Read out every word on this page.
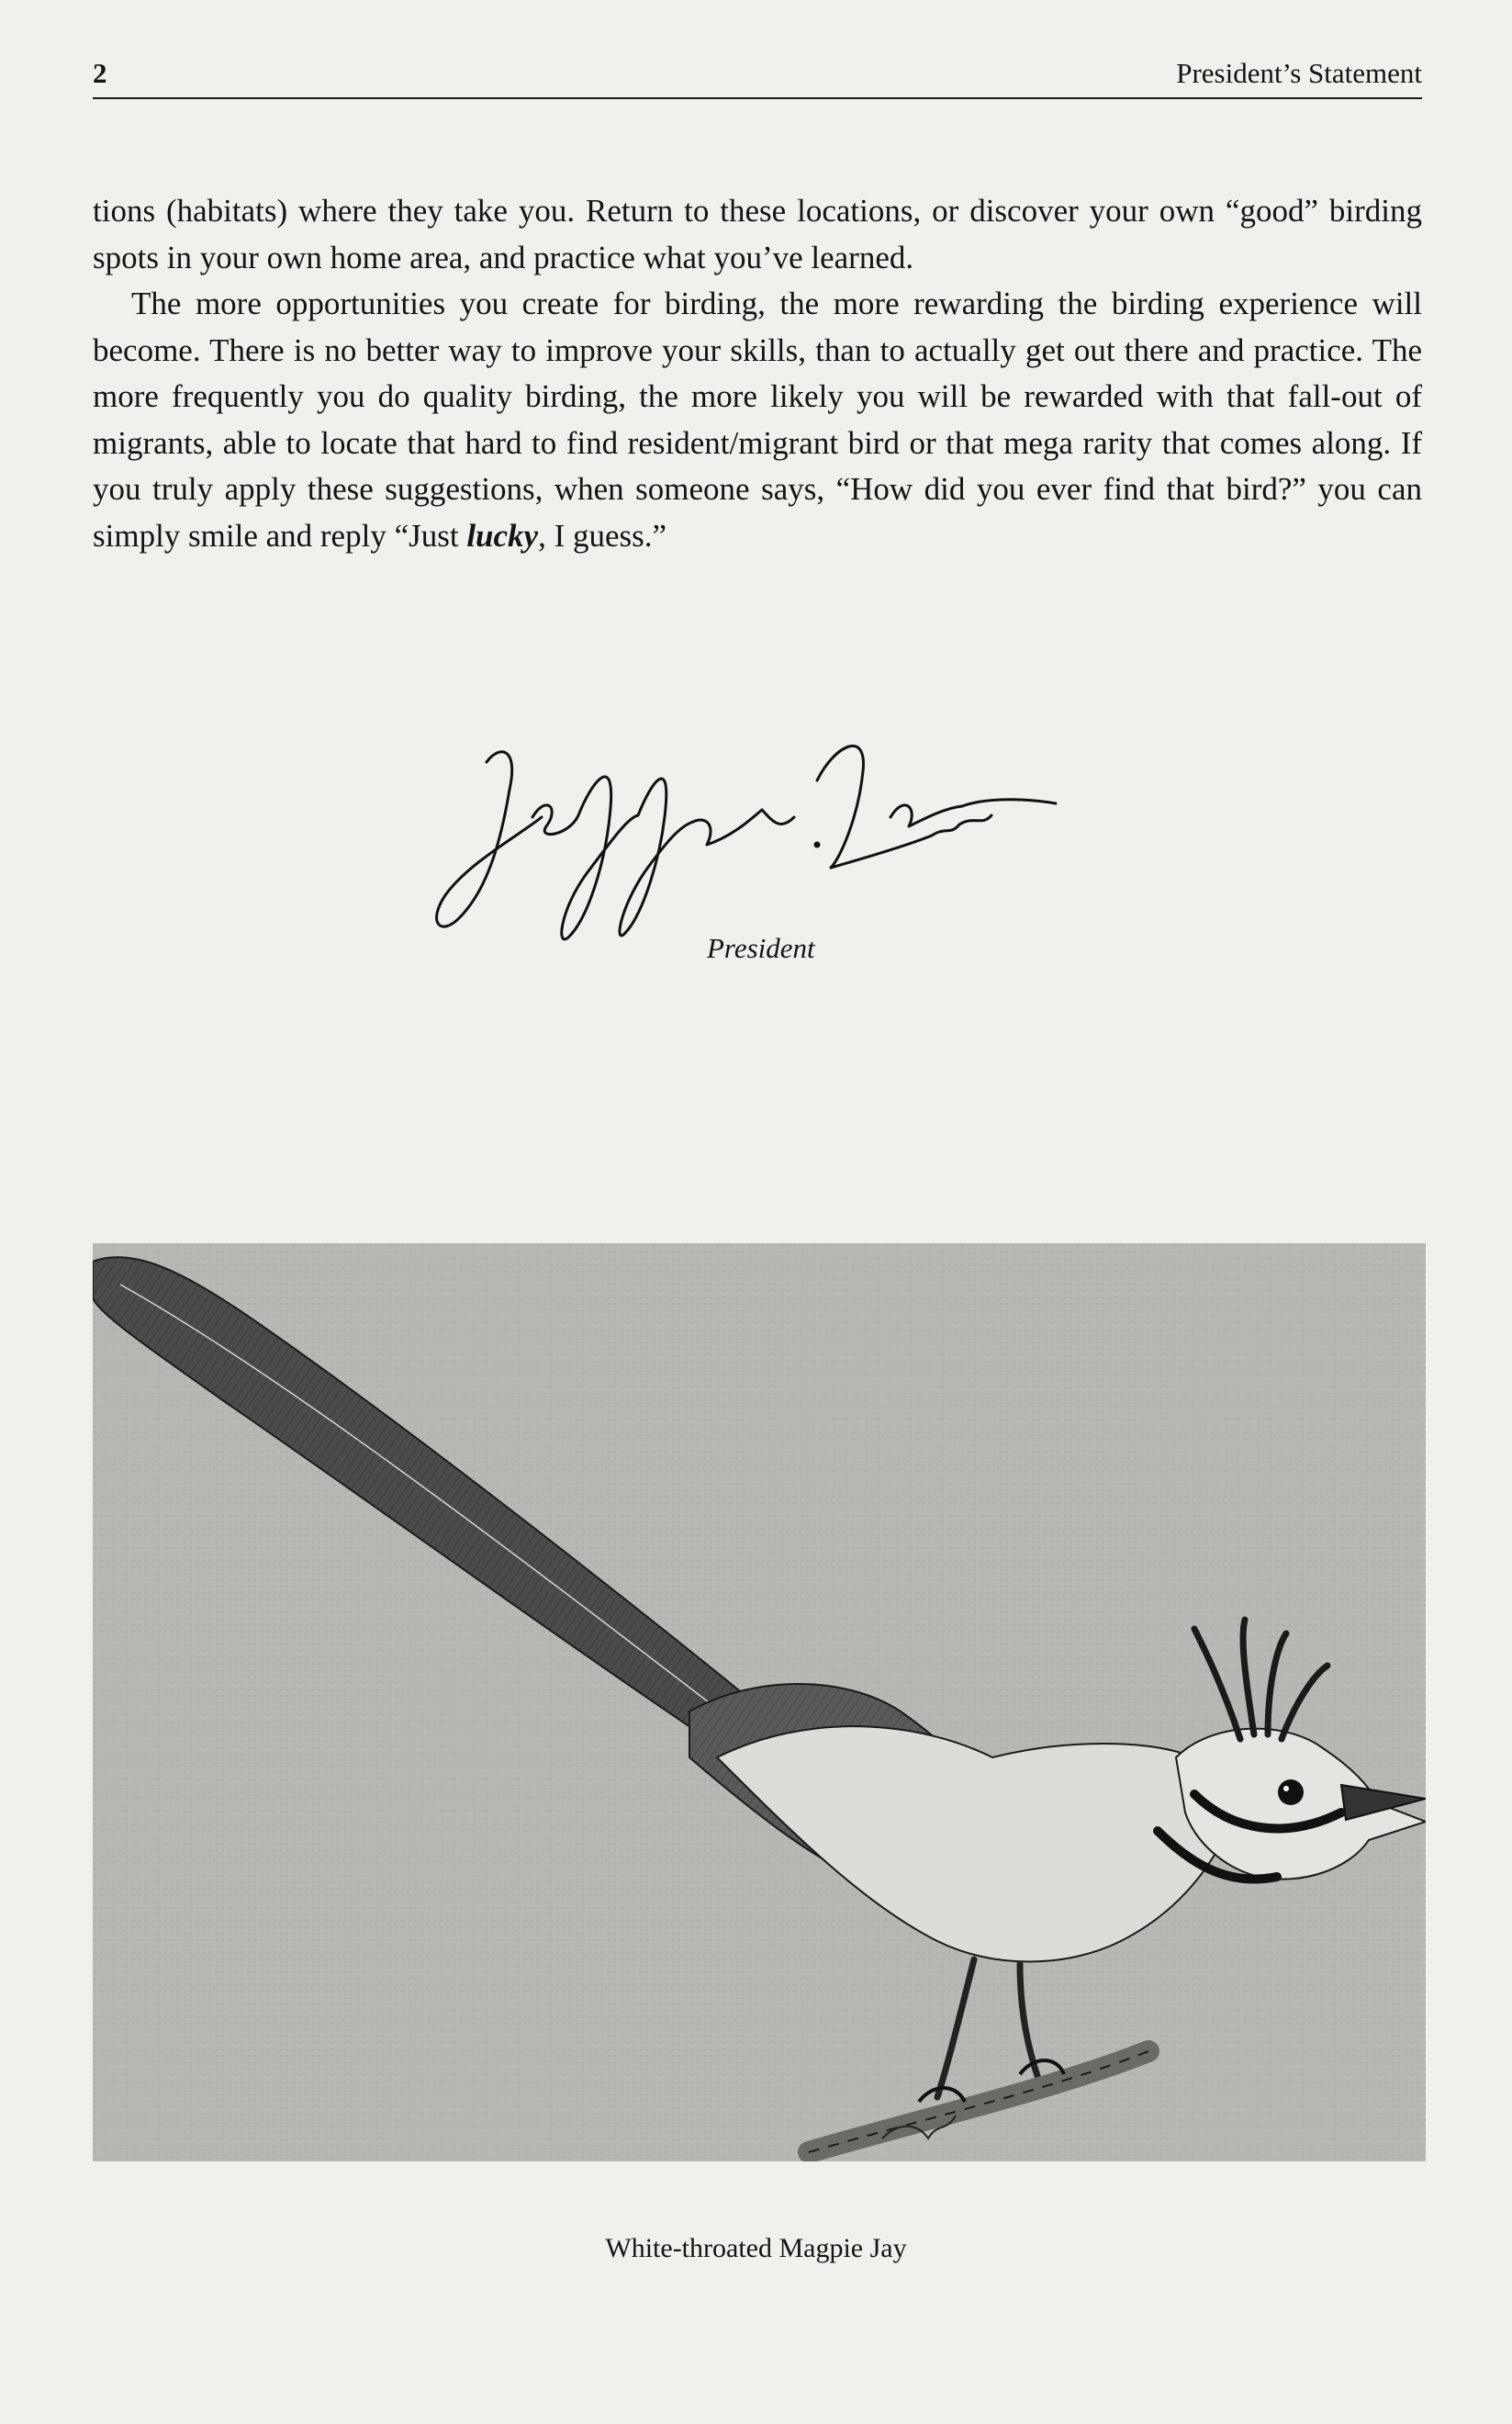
2	President’s Statement

tions (habitats) where they take you. Return to these locations, or discover your own “good” birding spots in your own home area, and practice what you’ve learned.

The more opportunities you create for birding, the more rewarding the birding experience will become. There is no better way to improve your skills, than to actually get out there and practice. The more frequently you do quality birding, the more likely you will be rewarded with that fall-out of migrants, able to locate that hard to find resident/migrant bird or that mega rarity that comes along. If you truly apply these suggestions, when someone says, “How did you ever find that bird?” you can simply smile and reply “Just lucky, I guess.”

President
White-throated Magpie Jay
